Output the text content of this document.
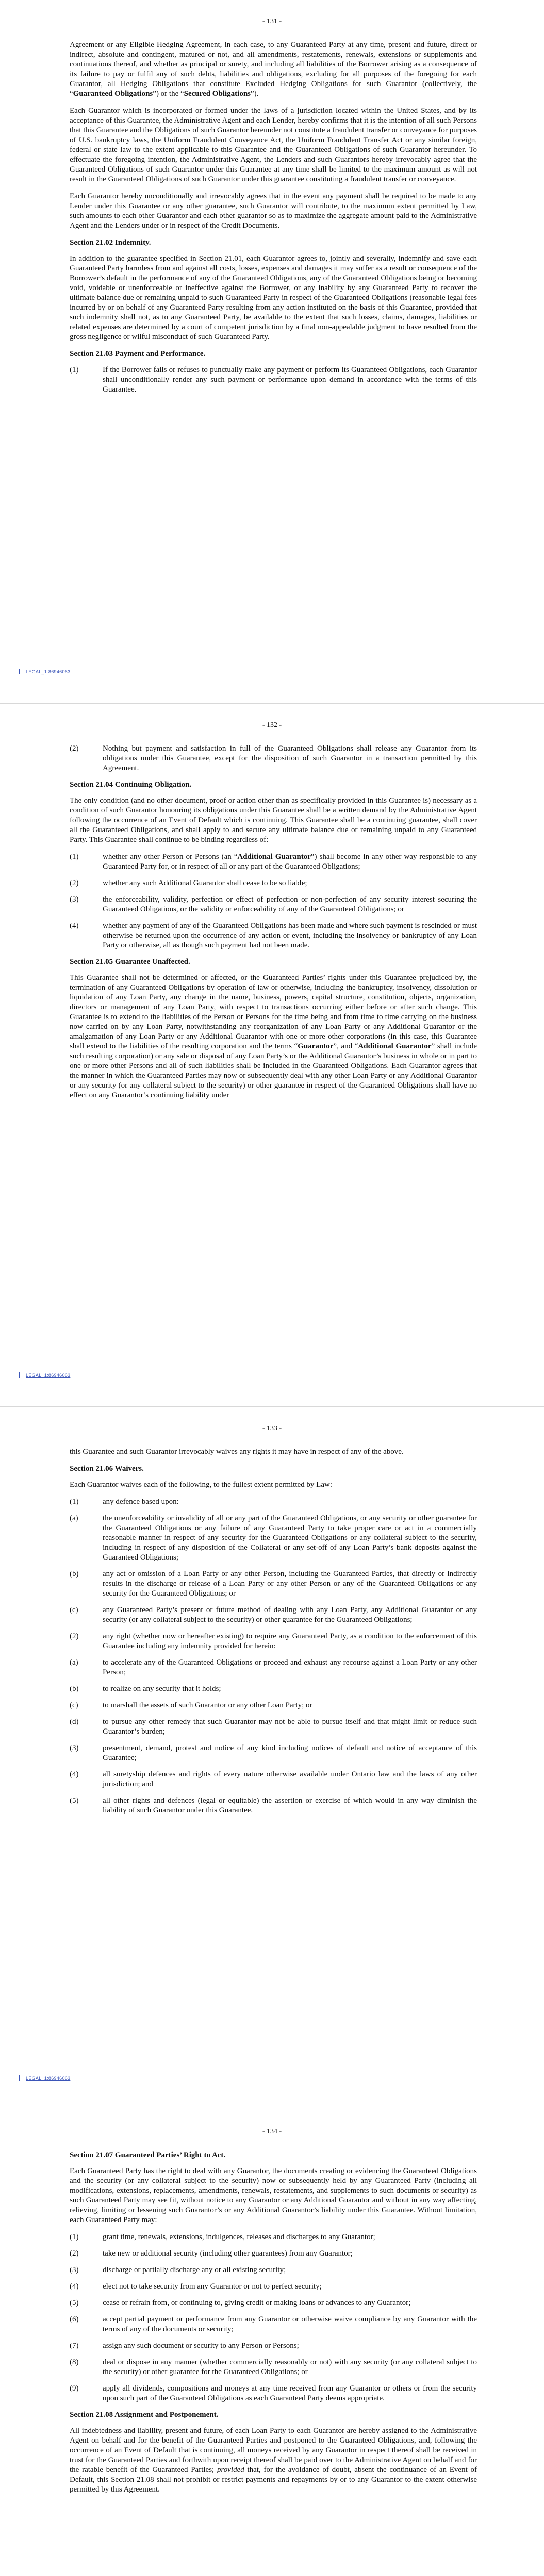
- 131 -

Agreement or any Eligible Hedging Agreement, in each case, to any Guaranteed Party at any time, present and future, direct or indirect, absolute and contingent, matured or not, and all amendments, restatements, renewals, extensions or supplements and continuations thereof, and whether as principal or surety, and including all liabilities of the Borrower arising as a consequence of its failure to pay or fulfil any of such debts, liabilities and obligations, excluding for all purposes of the foregoing for each Guarantor, all Hedging Obligations that constitute Excluded Hedging Obligations for such Guarantor (collectively, the “Guaranteed Obligations”) or the “Secured Obligations”).

Each Guarantor which is incorporated or formed under the laws of a jurisdiction located within the United States, and by its acceptance of this Guarantee, the Administrative Agent and each Lender, hereby confirms that it is the intention of all such Persons that this Guarantee and the Obligations of such Guarantor hereunder not constitute a fraudulent transfer or conveyance for purposes of U.S. bankruptcy laws, the Uniform Fraudulent Conveyance Act, the Uniform Fraudulent Transfer Act or any similar foreign, federal or state law to the extent applicable to this Guarantee and the Guaranteed Obligations of such Guarantor hereunder. To effectuate the foregoing intention, the Administrative Agent, the Lenders and such Guarantors hereby irrevocably agree that the Guaranteed Obligations of such Guarantor under this Guarantee at any time shall be limited to the maximum amount as will not result in the Guaranteed Obligations of such Guarantor under this guarantee constituting a fraudulent transfer or conveyance.

Each Guarantor hereby unconditionally and irrevocably agrees that in the event any payment shall be required to be made to any Lender under this Guarantee or any other guarantee, such Guarantor will contribute, to the maximum extent permitted by Law, such amounts to each other Guarantor and each other guarantor so as to maximize the aggregate amount paid to the Administrative Agent and the Lenders under or in respect of the Credit Documents.

Section 21.02 Indemnity.

In addition to the guarantee specified in Section 21.01, each Guarantor agrees to, jointly and severally, indemnify and save each Guaranteed Party harmless from and against all costs, losses, expenses and damages it may suffer as a result or consequence of the Borrower’s default in the performance of any of the Guaranteed Obligations, any of the Guaranteed Obligations being or becoming void, voidable or unenforceable or ineffective against the Borrower, or any inability by any Guaranteed Party to recover the ultimate balance due or remaining unpaid to such Guaranteed Party in respect of the Guaranteed Obligations (reasonable legal fees incurred by or on behalf of any Guaranteed Party resulting from any action instituted on the basis of this Guarantee, provided that such indemnity shall not, as to any Guaranteed Party, be available to the extent that such losses, claims, damages, liabilities or related expenses are determined by a court of competent jurisdiction by a final non-appealable judgment to have resulted from the gross negligence or wilful misconduct of such Guaranteed Party.

Section 21.03 Payment and Performance.
(1)	If the Borrower fails or refuses to punctually make any payment or perform its Guaranteed Obligations, each Guarantor shall unconditionally render any such payment or performance upon demand in accordance with the terms of this Guarantee.
LEGAL_1:86946063
- 132 -
(2)	Nothing but payment and satisfaction in full of the Guaranteed Obligations shall release any Guarantor from its obligations under this Guarantee, except for the disposition of such Guarantor in a transaction permitted by this Agreement.
Section 21.04 Continuing Obligation.

The only condition (and no other document, proof or action other than as specifically provided in this Guarantee is) necessary as a condition of such Guarantor honouring its obligations under this Guarantee shall be a written demand by the Administrative Agent following the occurrence of an Event of Default which is continuing. This Guarantee shall be a continuing guarantee, shall cover all the Guaranteed Obligations, and shall apply to and secure any ultimate balance due or remaining unpaid to any Guaranteed Party. This Guarantee shall continue to be binding regardless of:

(1)	whether any other Person or Persons (an “Additional Guarantor”) shall become in any other way responsible to any Guaranteed Party for, or in respect of all or any part of the Guaranteed Obligations;
(2)	whether any such Additional Guarantor shall cease to be so liable;
(3)	the enforceability, validity, perfection or effect of perfection or non-perfection of any security interest securing the Guaranteed Obligations, or the validity or enforceability of any of the Guaranteed Obligations; or
(4)	whether any payment of any of the Guaranteed Obligations has been made and where such payment is rescinded or must otherwise be returned upon the occurrence of any action or event, including the insolvency or bankruptcy of any Loan Party or otherwise, all as though such payment had not been made.
Section 21.05 Guarantee Unaffected.

This Guarantee shall not be determined or affected, or the Guaranteed Parties’ rights under this Guarantee prejudiced by, the termination of any Guaranteed Obligations by operation of law or otherwise, including the bankruptcy, insolvency, dissolution or liquidation of any Loan Party, any change in the name, business, powers, capital structure, constitution, objects, organization, directors or management of any Loan Party, with respect to transactions occurring either before or after such change. This Guarantee is to extend to the liabilities of the Person or Persons for the time being and from time to time carrying on the business now carried on by any Loan Party, notwithstanding any reorganization of any Loan Party or any Additional Guarantor or the amalgamation of any Loan Party or any Additional Guarantor with one or more other corporations (in this case, this Guarantee shall extend to the liabilities of the resulting corporation and the terms “Guarantor”, and “Additional Guarantor” shall include such resulting corporation) or any sale or disposal of any Loan Party’s or the Additional Guarantor’s business in whole or in part to one or more other Persons and all of such liabilities shall be included in the Guaranteed Obligations. Each Guarantor agrees that the manner in which the Guaranteed Parties may now or subsequently deal with any other Loan Party or any Additional Guarantor or any security (or any collateral subject to the security) or other guarantee in respect of the Guaranteed Obligations shall have no effect on any Guarantor’s continuing liability under

LEGAL_1:86946063
- 133 -

this Guarantee and such Guarantor irrevocably waives any rights it may have in respect of any of the above.

Section 21.06 Waivers.

Each Guarantor waives each of the following, to the fullest extent permitted by Law:

(1)	any defence based upon:
(a)	the unenforceability or invalidity of all or any part of the Guaranteed Obligations, or any security or other guarantee for the Guaranteed Obligations or any failure of any Guaranteed Party to take proper care or act in a commercially reasonable manner in respect of any security for the Guaranteed Obligations or any collateral subject to the security, including in respect of any disposition of the Collateral or any set-off of any Loan Party’s bank deposits against the Guaranteed Obligations;
(b)	any act or omission of a Loan Party or any other Person, including the Guaranteed Parties, that directly or indirectly results in the discharge or release of a Loan Party or any other Person or any of the Guaranteed Obligations or any security for the Guaranteed Obligations; or
(c)	any Guaranteed Party’s present or future method of dealing with any Loan Party, any Additional Guarantor or any security (or any collateral subject to the security) or other guarantee for the Guaranteed Obligations;
(2)	any right (whether now or hereafter existing) to require any Guaranteed Party, as a condition to the enforcement of this Guarantee including any indemnity provided for herein:
(a)	to accelerate any of the Guaranteed Obligations or proceed and exhaust any recourse against a Loan Party or any other Person;
(b)	to realize on any security that it holds;
(c)	to marshall the assets of such Guarantor or any other Loan Party; or
(d)	to pursue any other remedy that such Guarantor may not be able to pursue itself and that might limit or reduce such Guarantor’s burden;
(3)	presentment, demand, protest and notice of any kind including notices of default and notice of acceptance of this Guarantee;
(4)	all suretyship defences and rights of every nature otherwise available under Ontario law and the laws of any other jurisdiction; and
(5)	all other rights and defences (legal or equitable) the assertion or exercise of which would in any way diminish the liability of such Guarantor under this Guarantee.
LEGAL_1:86946063
- 134 -
Section 21.07 Guaranteed Parties’ Right to Act.

Each Guaranteed Party has the right to deal with any Guarantor, the documents creating or evidencing the Guaranteed Obligations and the security (or any collateral subject to the security) now or subsequently held by any Guaranteed Party (including all modifications, extensions, replacements, amendments, renewals, restatements, and supplements to such documents or security) as such Guaranteed Party may see fit, without notice to any Guarantor or any Additional Guarantor and without in any way affecting, relieving, limiting or lessening such Guarantor’s or any Additional Guarantor’s liability under this Guarantee. Without limitation, each Guaranteed Party may:

(1)	grant time, renewals, extensions, indulgences, releases and discharges to any Guarantor;
(2)	take new or additional security (including other guarantees) from any Guarantor;
(3)	discharge or partially discharge any or all existing security;
(4)	elect not to take security from any Guarantor or not to perfect security;
(5)	cease or refrain from, or continuing to, giving credit or making loans or advances to any Guarantor;
(6)	accept partial payment or performance from any Guarantor or otherwise waive compliance by any Guarantor with the terms of any of the documents or security;
(7)	assign any such document or security to any Person or Persons;
(8)	deal or dispose in any manner (whether commercially reasonably or not) with any security (or any collateral subject to the security) or other guarantee for the Guaranteed Obligations; or
(9)	apply all dividends, compositions and moneys at any time received from any Guarantor or others or from the security upon such part of the Guaranteed Obligations as each Guaranteed Party deems appropriate.
Section 21.08 Assignment and Postponement.

All indebtedness and liability, present and future, of each Loan Party to each Guarantor are hereby assigned to the Administrative Agent on behalf and for the benefit of the Guaranteed Parties and postponed to the Guaranteed Obligations, and, following the occurrence of an Event of Default that is continuing, all moneys received by any Guarantor in respect thereof shall be received in trust for the Guaranteed Parties and forthwith upon receipt thereof shall be paid over to the Administrative Agent on behalf and for the ratable benefit of the Guaranteed Parties; provided that, for the avoidance of doubt, absent the continuance of an Event of Default, this Section 21.08 shall not prohibit or restrict payments and repayments by or to any Guarantor to the extent otherwise permitted by this Agreement.
